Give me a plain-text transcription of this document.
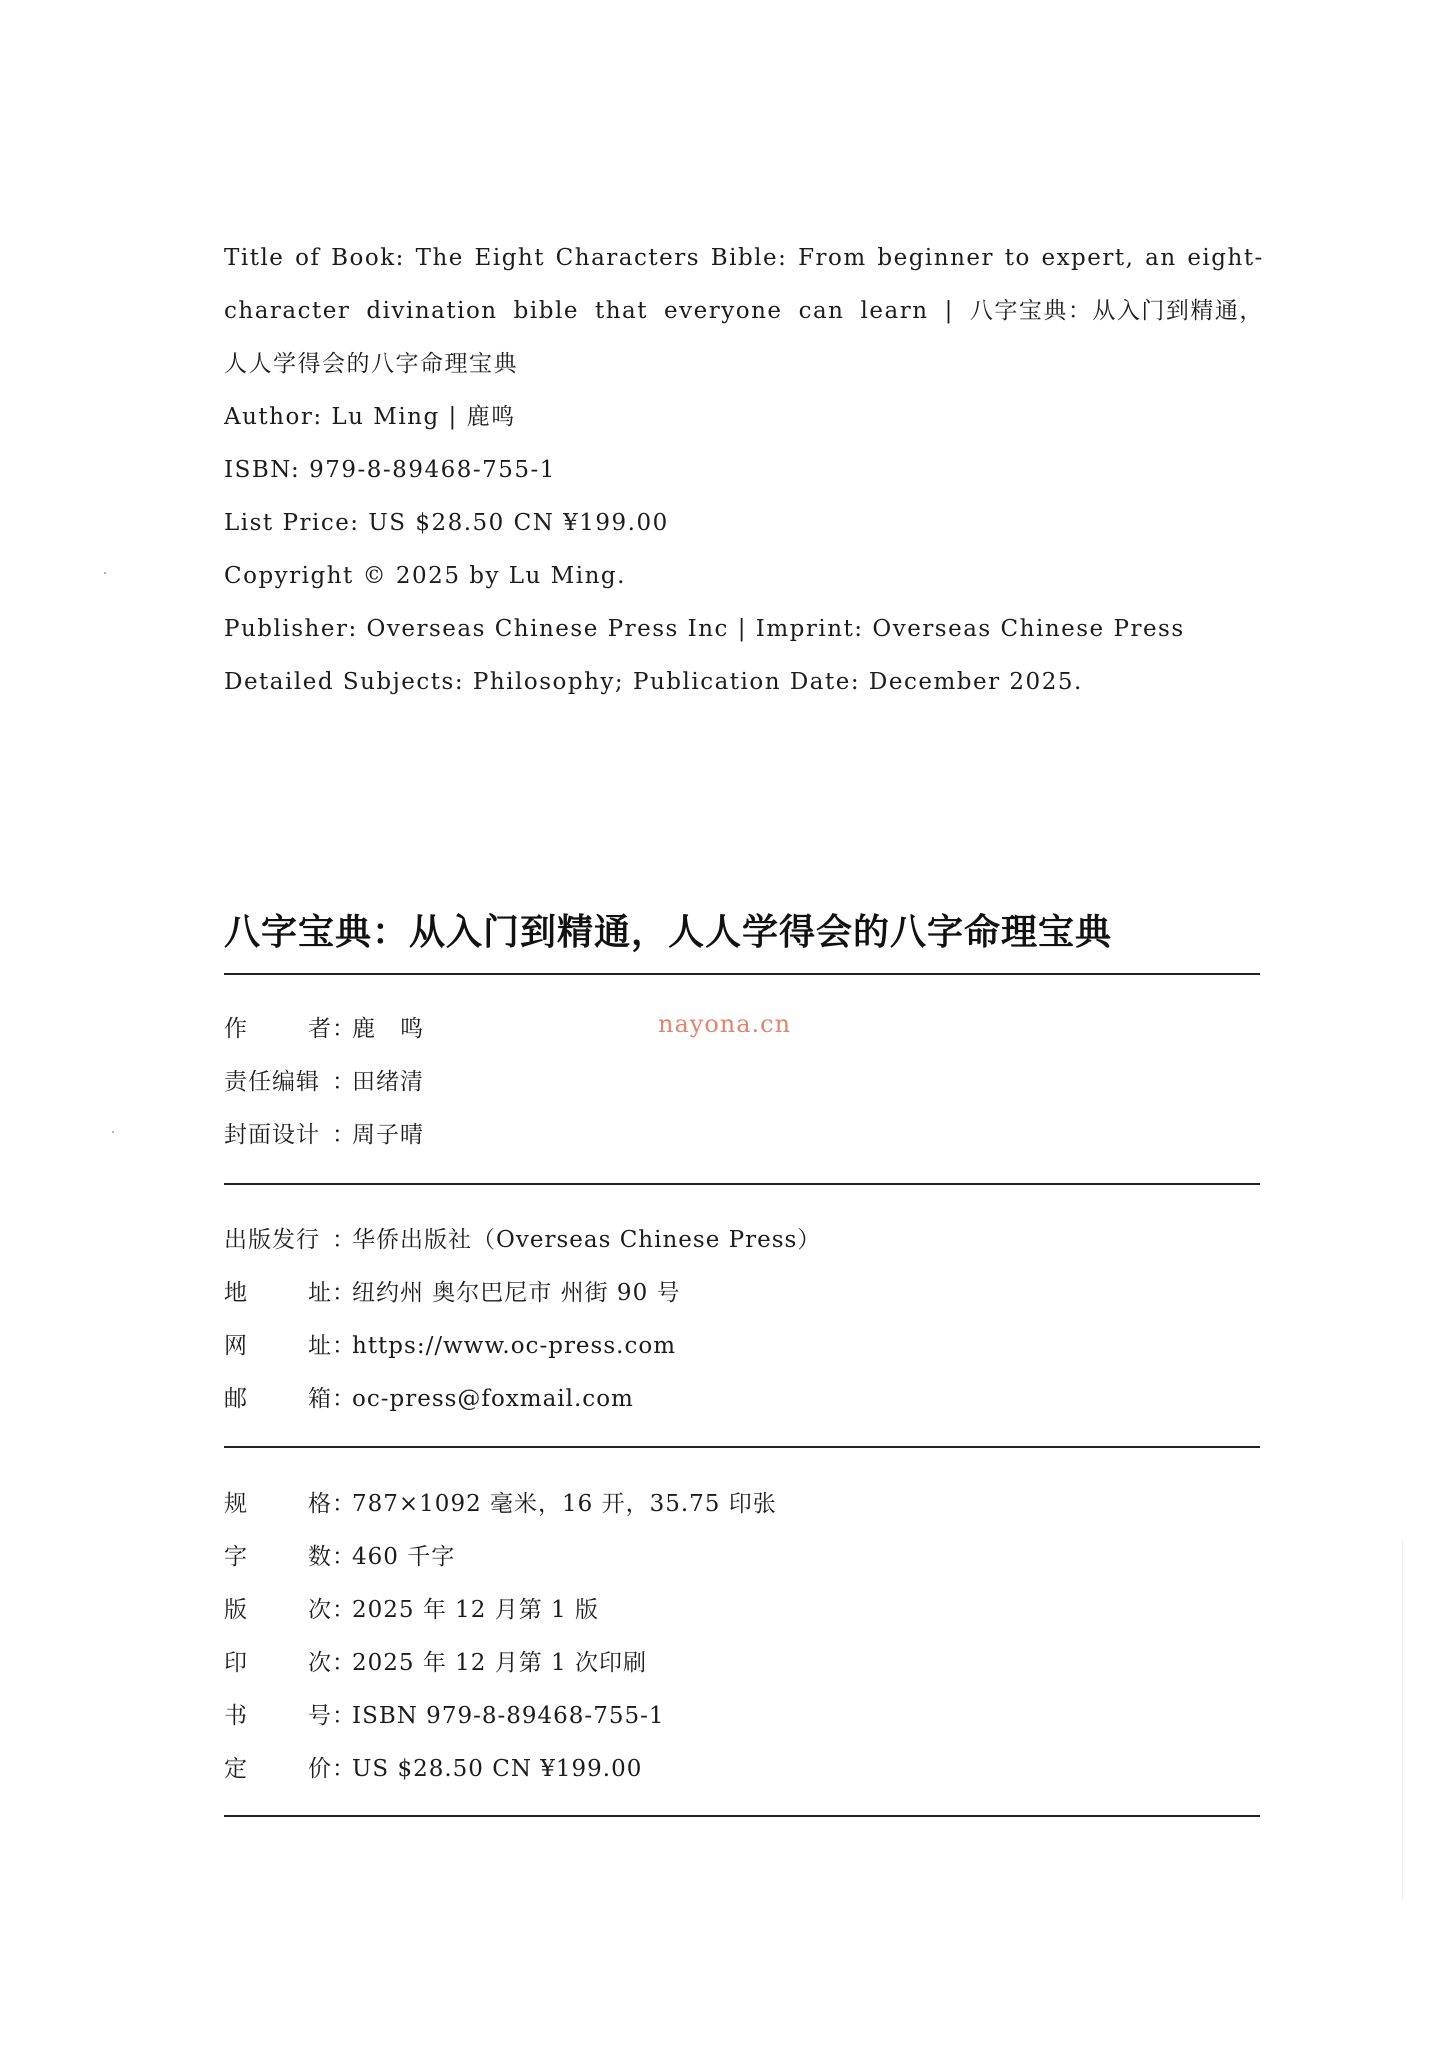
Title of Book: The Eight Characters Bible: From beginner to expert, an eight-
character divination bible that everyone can learn | 八字宝典：从入门到精通，
人人学得会的八字命理宝典
Author: Lu Ming | 鹿鸣
ISBN: 979-8-89468-755-1
List Price: US $28.50 CN ¥199.00
Copyright © 2025 by Lu Ming.
Publisher: Overseas Chinese Press Inc | Imprint: Overseas Chinese Press
Detailed Subjects: Philosophy; Publication Date: December 2025.
八字宝典：从入门到精通，人人学得会的八字命理宝典
nayona.cn
作	者 ：
鹿　鸣
责任编辑 ：
田绪清
封面设计 ：
周子晴
出版发行 ：
华侨出版社（Overseas Chinese Press）
地	址 ：
纽约州 奥尔巴尼市 州街 90 号
网	址 ：
https://www.oc-press.com
邮	箱 ：
oc-press@foxmail.com
规	格 ：
787×1092 毫米，16 开，35.75 印张
字	数 ：
460 千字
版	次 ：
2025 年 12 月第 1 版
印	次 ：
2025 年 12 月第 1 次印刷
书	号 ：
ISBN 979-8-89468-755-1
定	价 ：
US $28.50 CN ¥199.00
